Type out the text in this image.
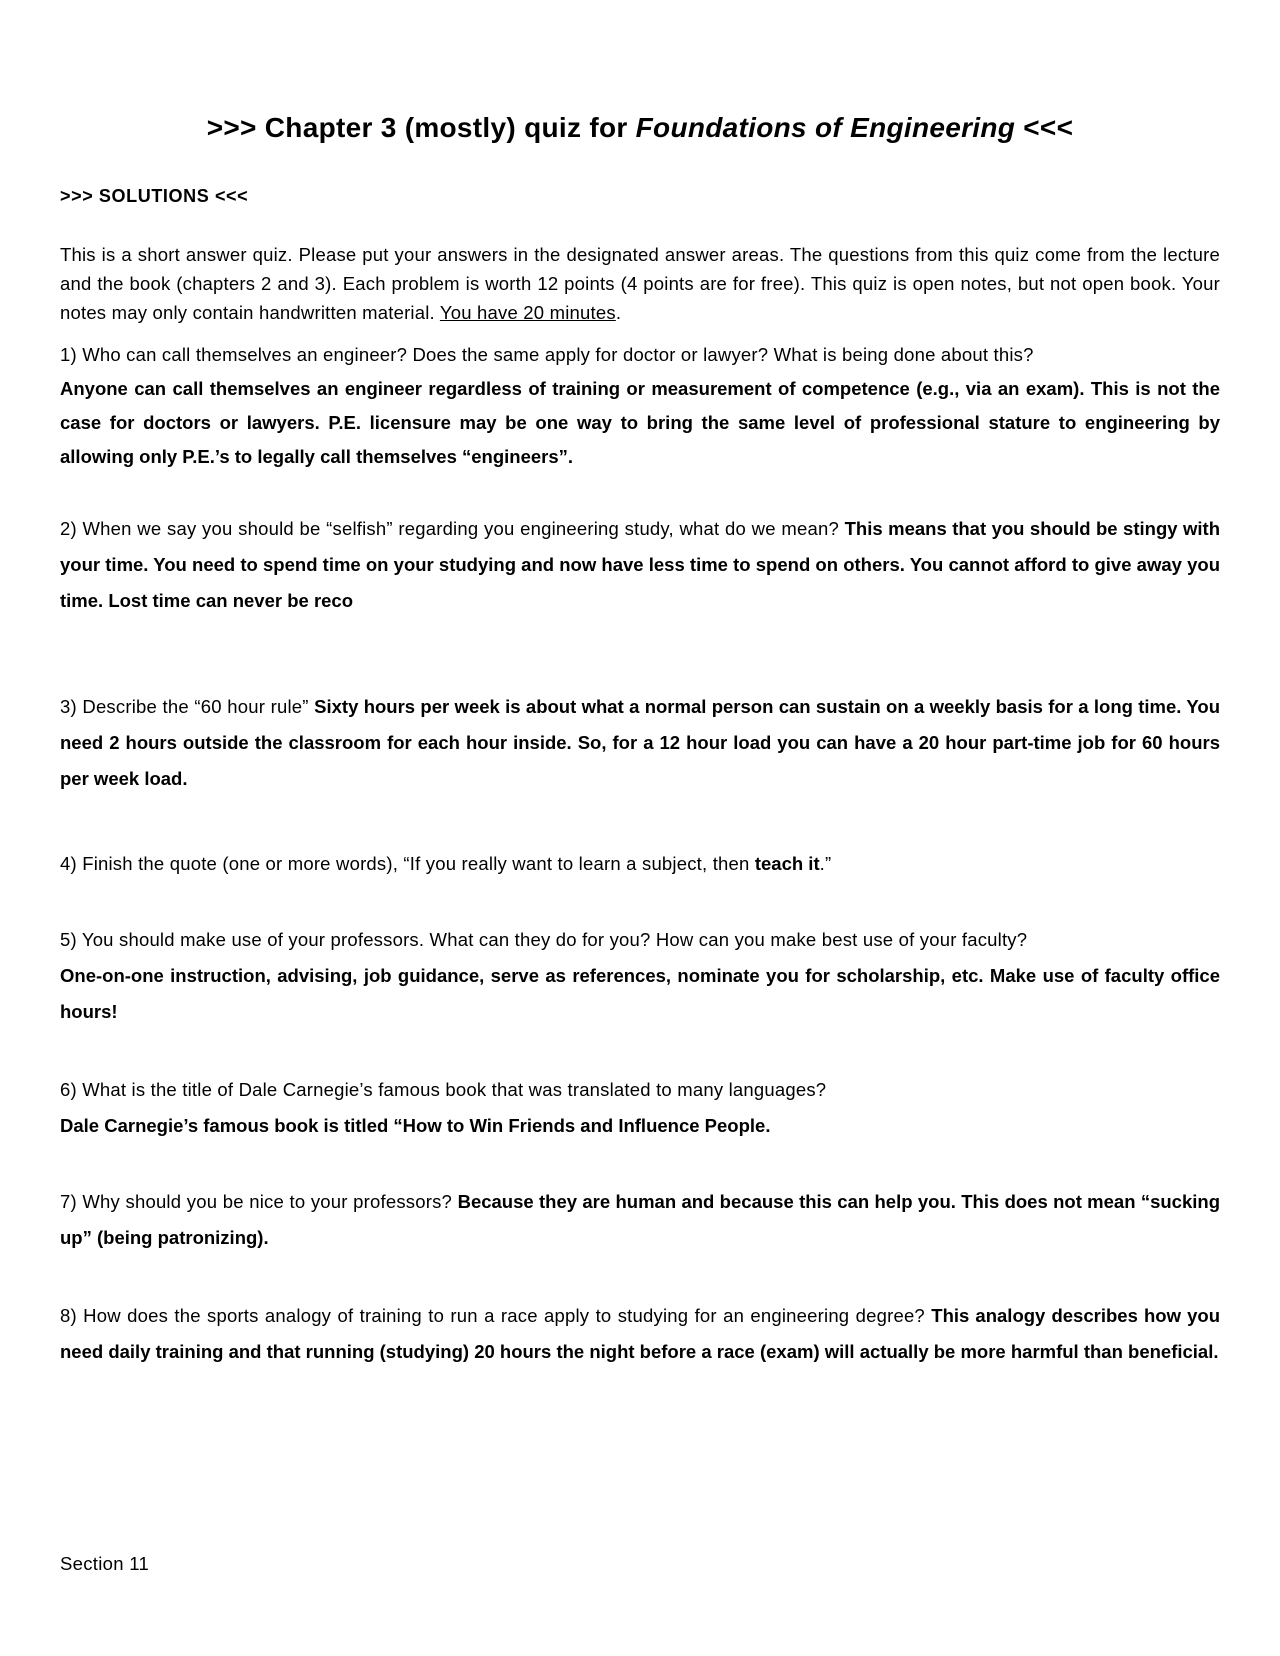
>>> Chapter 3 (mostly) quiz for Foundations of Engineering <<<
>>> SOLUTIONS <<<
This is a short answer quiz. Please put your answers in the designated answer areas. The questions from this quiz come from the lecture and the book (chapters 2 and 3). Each problem is worth 12 points (4 points are for free). This quiz is open notes, but not open book. Your notes may only contain handwritten material. You have 20 minutes.
1) Who can call themselves an engineer? Does the same apply for doctor or lawyer? What is being done about this?
Anyone can call themselves an engineer regardless of training or measurement of competence (e.g., via an exam). This is not the case for doctors or lawyers. P.E. licensure may be one way to bring the same level of professional stature to engineering by allowing only P.E.’s to legally call themselves “engineers”.
2) When we say you should be “selfish” regarding you engineering study, what do we mean? This means that you should be stingy with your time. You need to spend time on your studying and now have less time to spend on others. You cannot afford to give away you time. Lost time can never be reco
3) Describe the “60 hour rule” Sixty hours per week is about what a normal person can sustain on a weekly basis for a long time. You need 2 hours outside the classroom for each hour inside. So, for a 12 hour load you can have a 20 hour part-time job for 60 hours per week load.
4) Finish the quote (one or more words), “If you really want to learn a subject, then teach it.”
5) You should make use of your professors. What can they do for you? How can you make best use of your faculty?
One-on-one instruction, advising, job guidance, serve as references, nominate you for scholarship, etc. Make use of faculty office hours!
6) What is the title of Dale Carnegie’s famous book that was translated to many languages?
Dale Carnegie’s famous book is titled “How to Win Friends and Influence People.
7) Why should you be nice to your professors? Because they are human and because this can help you. This does not mean “sucking up” (being patronizing).
8) How does the sports analogy of training to run a race apply to studying for an engineering degree? This analogy describes how you need daily training and that running (studying) 20 hours the night before a race (exam) will actually be more harmful than beneficial.
Section 11
